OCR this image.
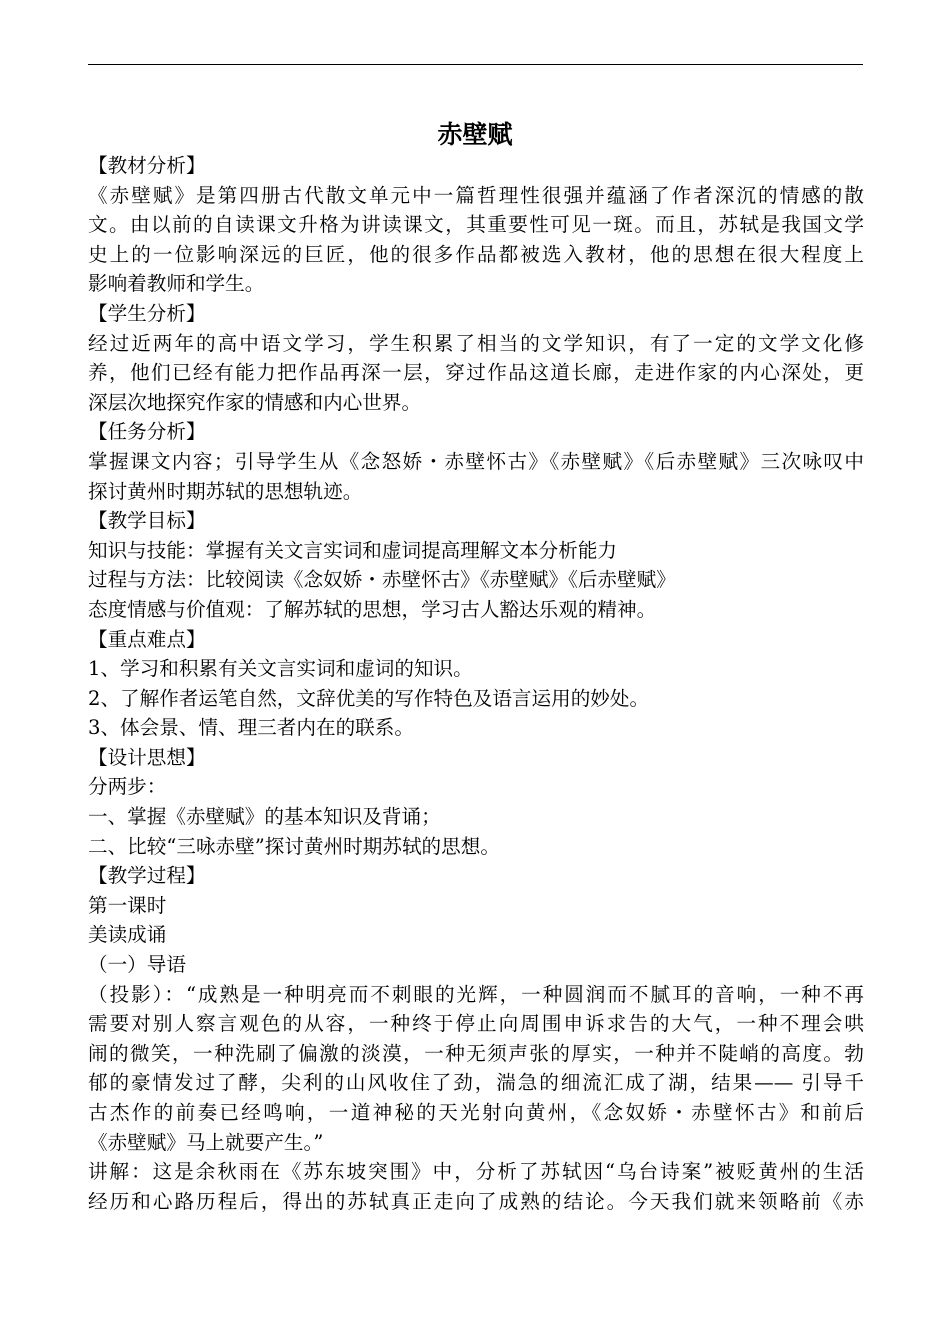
赤壁赋
【教材分析】
《赤壁赋》是第四册古代散文单元中一篇哲理性很强并蕴涵了作者深沉的情感的散
文。由以前的自读课文升格为讲读课文，其重要性可见一斑。而且，苏轼是我国文学
史上的一位影响深远的巨匠，他的很多作品都被选入教材，他的思想在很大程度上
影响着教师和学生。
【学生分析】
经过近两年的高中语文学习，学生积累了相当的文学知识，有了一定的文学文化修
养，他们已经有能力把作品再深一层，穿过作品这道长廊，走进作家的内心深处，更
深层次地探究作家的情感和内心世界。
【任务分析】
掌握课文内容；引导学生从《念怒娇・赤壁怀古》《赤壁赋》《后赤壁赋》三次咏叹中
探讨黄州时期苏轼的思想轨迹。
【教学目标】
知识与技能：掌握有关文言实词和虚词提高理解文本分析能力
过程与方法：比较阅读《念奴娇・赤壁怀古》《赤壁赋》《后赤壁赋》
态度情感与价值观：了解苏轼的思想，学习古人豁达乐观的精神。
【重点难点】
1、学习和积累有关文言实词和虚词的知识。
2、了解作者运笔自然，文辞优美的写作特色及语言运用的妙处。
3、体会景、情、理三者内在的联系。
【设计思想】
分两步：
一、掌握《赤壁赋》的基本知识及背诵；
二、比较“三咏赤壁”探讨黄州时期苏轼的思想。
【教学过程】
第一课时
美读成诵
（一）导语
（投影）：“成熟是一种明亮而不刺眼的光辉，一种圆润而不腻耳的音响，一种不再
需要对别人察言观色的从容，一种终于停止向周围申诉求告的大气，一种不理会哄
闹的微笑，一种洗刷了偏激的淡漠，一种无须声张的厚实，一种并不陡峭的高度。勃
郁的豪情发过了酵，尖利的山风收住了劲，湍急的细流汇成了湖，结果—— 引导千
古杰作的前奏已经鸣响，一道神秘的天光射向黄州，《念奴娇・赤壁怀古》和前后
《赤壁赋》马上就要产生。”
讲解：这是余秋雨在《苏东坡突围》中，分析了苏轼因“乌台诗案”被贬黄州的生活
经历和心路历程后，得出的苏轼真正走向了成熟的结论。今天我们就来领略前《赤
